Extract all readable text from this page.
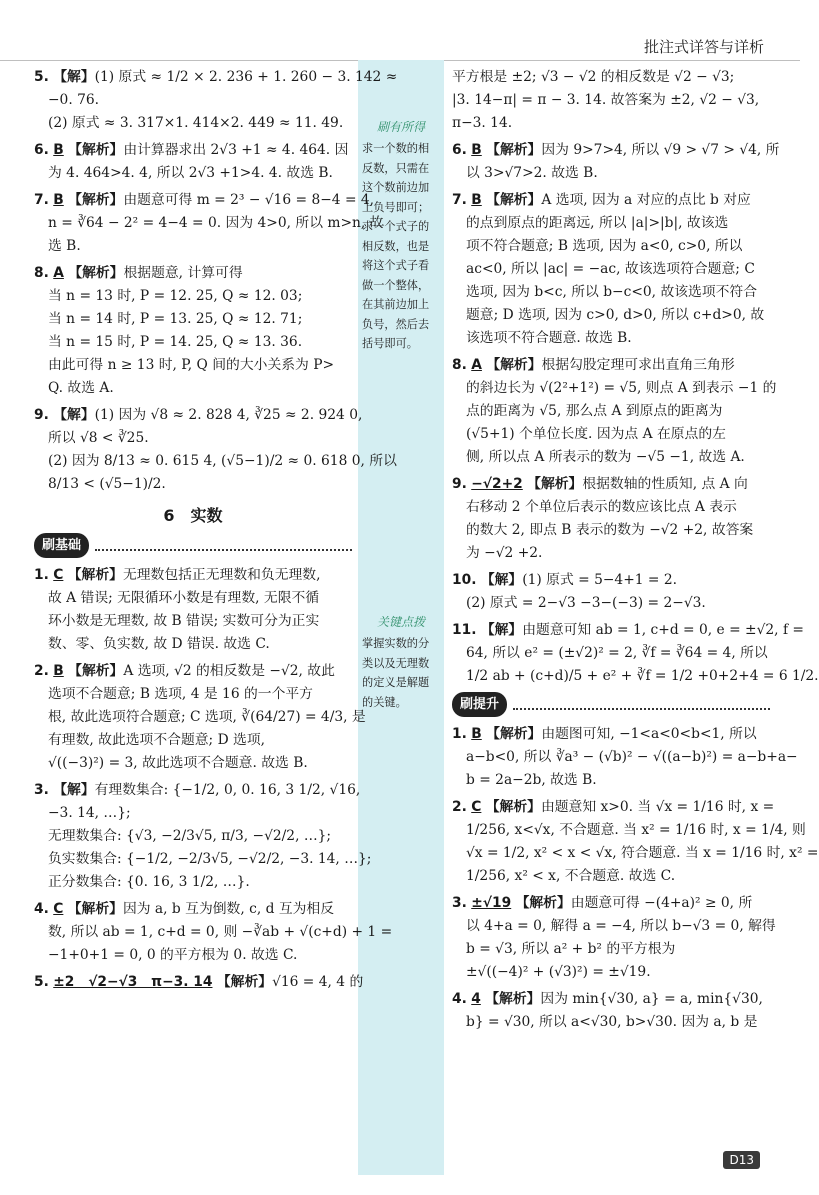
批注式详答与详析
刷有所得
求一个数的相反数，只需在这个数前边加上负号即可；求一个式子的相反数，也是将这个式子看做一个整体，在其前边加上负号，然后去括号即可。
关键点拨
掌握实数的分类以及无理数的定义是解题的关键。
5. 【解】(1) 原式 ≈ 1/2 × 2. 236 + 1. 260 − 3. 142 ≈
−0. 76.
(2) 原式 ≈ 3. 317×1. 414×2. 449 ≈ 11. 49.
6. B 【解析】由计算器求出 2√3 +1 ≈ 4. 464. 因
为 4. 464>4. 4, 所以 2√3 +1>4. 4. 故选 B.
7. B 【解析】由题意可得 m = 2³ − √16 = 8−4 = 4,
n = ∛64 − 2² = 4−4 = 0. 因为 4>0, 所以 m>n, 故
选 B.
8. A 【解析】根据题意, 计算可得
当 n = 13 时, P = 12. 25, Q ≈ 12. 03;
当 n = 14 时, P = 13. 25, Q ≈ 12. 71;
当 n = 15 时, P = 14. 25, Q ≈ 13. 36.
由此可得 n ≥ 13 时, P, Q 间的大小关系为 P>
Q. 故选 A.
9. 【解】(1) 因为 √8 ≈ 2. 828 4, ∛25 ≈ 2. 924 0,
所以 √8 < ∛25.
(2) 因为 8/13 ≈ 0. 615 4, (√5−1)/2 ≈ 0. 618 0, 所以
8/13 < (√5−1)/2.
6　实数
刷基础
1. C 【解析】无理数包括正无理数和负无理数,
故 A 错误; 无限循环小数是有理数, 无限不循
环小数是无理数, 故 B 错误; 实数可分为正实
数、零、负实数, 故 D 错误. 故选 C.
2. B 【解析】A 选项, √2 的相反数是 −√2, 故此
选项不合题意; B 选项, 4 是 16 的一个平方
根, 故此选项符合题意; C 选项, ∛(64/27) = 4/3, 是
有理数, 故此选项不合题意; D 选项,
√((−3)²) = 3, 故此选项不合题意. 故选 B.
3. 【解】有理数集合: {−1/2, 0, 0. 16, 3 1/2, √16,
−3. 14, …};
无理数集合: {√3, −2/3√5, π/3, −√2/2, …};
负实数集合: {−1/2, −2/3√5, −√2/2, −3. 14, …};
正分数集合: {0. 16, 3 1/2, …}.
4. C 【解析】因为 a, b 互为倒数, c, d 互为相反
数, 所以 ab = 1, c+d = 0, 则 −∛ab + √(c+d) + 1 =
−1+0+1 = 0, 0 的平方根为 0. 故选 C.
5. ±2　√2−√3　π−3. 14 【解析】√16 = 4, 4 的
平方根是 ±2; √3 − √2 的相反数是 √2 − √3;
|3. 14−π| = π − 3. 14. 故答案为 ±2, √2 − √3,
π−3. 14.
6. B 【解析】因为 9>7>4, 所以 √9 > √7 > √4, 所
以 3>√7>2. 故选 B.
7. B 【解析】A 选项, 因为 a 对应的点比 b 对应
的点到原点的距离远, 所以 |a|>|b|, 故该选
项不符合题意; B 选项, 因为 a<0, c>0, 所以
ac<0, 所以 |ac| = −ac, 故该选项符合题意; C
选项, 因为 b<c, 所以 b−c<0, 故该选项不符合
题意; D 选项, 因为 c>0, d>0, 所以 c+d>0, 故
该选项不符合题意. 故选 B.
8. A 【解析】根据勾股定理可求出直角三角形
的斜边长为 √(2²+1²) = √5, 则点 A 到表示 −1 的
点的距离为 √5, 那么点 A 到原点的距离为
(√5+1) 个单位长度. 因为点 A 在原点的左
侧, 所以点 A 所表示的数为 −√5 −1, 故选 A.
9. −√2+2 【解析】根据数轴的性质知, 点 A 向
右移动 2 个单位后表示的数应该比点 A 表示
的数大 2, 即点 B 表示的数为 −√2 +2, 故答案
为 −√2 +2.
10. 【解】(1) 原式 = 5−4+1 = 2.
(2) 原式 = 2−√3 −3−(−3) = 2−√3.
11. 【解】由题意可知 ab = 1, c+d = 0, e = ±√2, f =
64, 所以 e² = (±√2)² = 2, ∛f = ∛64 = 4, 所以
1/2 ab + (c+d)/5 + e² + ∛f = 1/2 +0+2+4 = 6 1/2.
刷提升
1. B 【解析】由题图可知, −1<a<0<b<1, 所以
a−b<0, 所以 ∛a³ − (√b)² − √((a−b)²) = a−b+a−
b = 2a−2b, 故选 B.
2. C 【解析】由题意知 x>0. 当 √x = 1/16 时, x =
1/256, x<√x, 不合题意. 当 x² = 1/16 时, x = 1/4, 则
√x = 1/2, x² < x < √x, 符合题意. 当 x = 1/16 时, x² =
1/256, x² < x, 不合题意. 故选 C.
3. ±√19 【解析】由题意可得 −(4+a)² ≥ 0, 所
以 4+a = 0, 解得 a = −4, 所以 b−√3 = 0, 解得
b = √3, 所以 a² + b² 的平方根为
±√((−4)² + (√3)²) = ±√19.
4. 4 【解析】因为 min{√30, a} = a, min{√30,
b} = √30, 所以 a<√30, b>√30. 因为 a, b 是
D13
